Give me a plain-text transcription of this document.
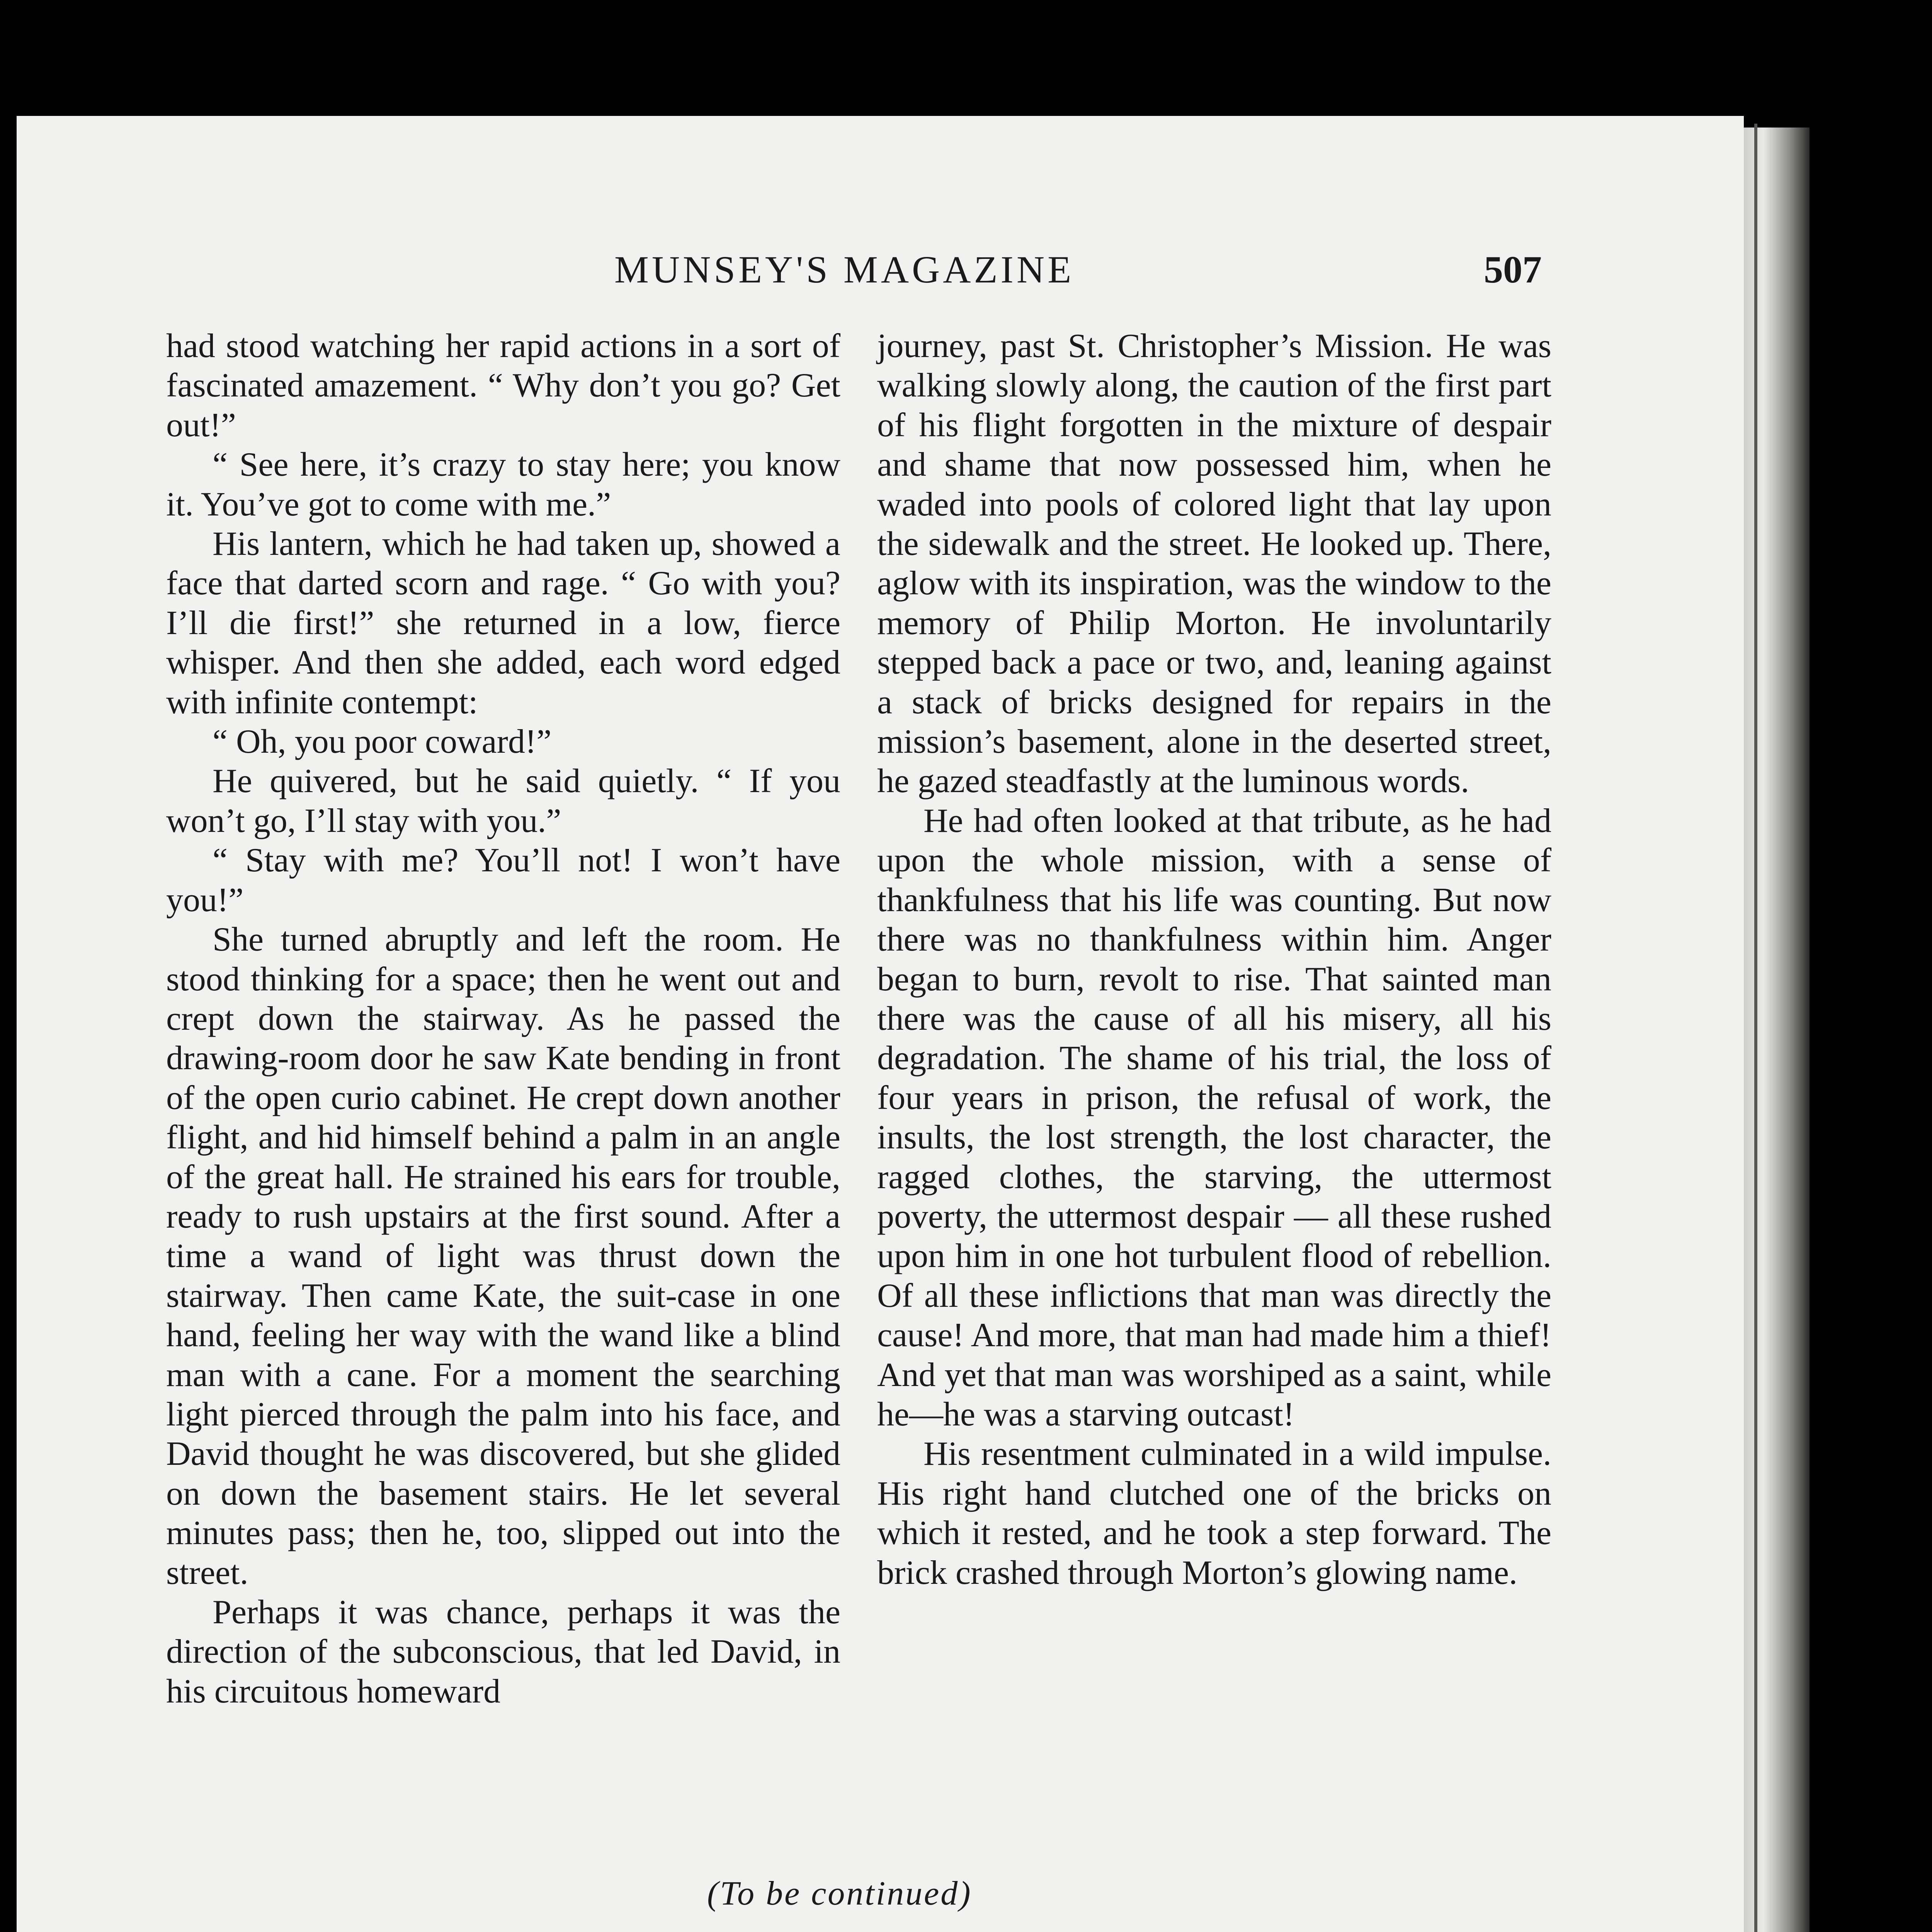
MUNSEY'S MAGAZINE	507

had stood watching her rapid actions in a sort of fascinated amazement. “ Why don’t you go? Get out!”

“ See here, it’s crazy to stay here; you know it. You’ve got to come with me.”

His lantern, which he had taken up, showed a face that darted scorn and rage. “ Go with you? I’ll die first!” she returned in a low, fierce whisper. And then she added, each word edged with infinite contempt:

“ Oh, you poor coward!”

He quivered, but he said quietly. “ If you won’t go, I’ll stay with you.”

“ Stay with me? You’ll not! I won’t have you!”

She turned abruptly and left the room. He stood thinking for a space; then he went out and crept down the stairway. As he passed the drawing-room door he saw Kate bending in front of the open curio cabinet. He crept down another flight, and hid himself behind a palm in an angle of the great hall. He strained his ears for trouble, ready to rush upstairs at the first sound. After a time a wand of light was thrust down the stairway. Then came Kate, the suit-case in one hand, feeling her way with the wand like a blind man with a cane. For a moment the searching light pierced through the palm into his face, and David thought he was discovered, but she glided on down the basement stairs. He let several minutes pass; then he, too, slipped out into the street.

Perhaps it was chance, perhaps it was the direction of the subconscious, that led David, in his circuitous homeward

journey, past St. Christopher’s Mission. He was walking slowly along, the caution of the first part of his flight forgotten in the mixture of despair and shame that now possessed him, when he waded into pools of colored light that lay upon the sidewalk and the street. He looked up. There, aglow with its inspiration, was the window to the memory of Philip Morton. He involuntarily stepped back a pace or two, and, leaning against a stack of bricks designed for repairs in the mission’s basement, alone in the deserted street, he gazed steadfastly at the luminous words.

He had often looked at that tribute, as he had upon the whole mission, with a sense of thankfulness that his life was counting. But now there was no thankfulness within him. Anger began to burn, revolt to rise. That sainted man there was the cause of all his misery, all his degradation. The shame of his trial, the loss of four years in prison, the refusal of work, the insults, the lost strength, the lost character, the ragged clothes, the starving, the uttermost poverty, the uttermost despair — all these rushed upon him in one hot turbulent flood of rebellion. Of all these inflictions that man was directly the cause! And more, that man had made him a thief! And yet that man was worshiped as a saint, while he—he was a starving outcast!

His resentment culminated in a wild impulse. His right hand clutched one of the bricks on which it rested, and he took a step forward. The brick crashed through Morton’s glowing name.

(To be continued)
